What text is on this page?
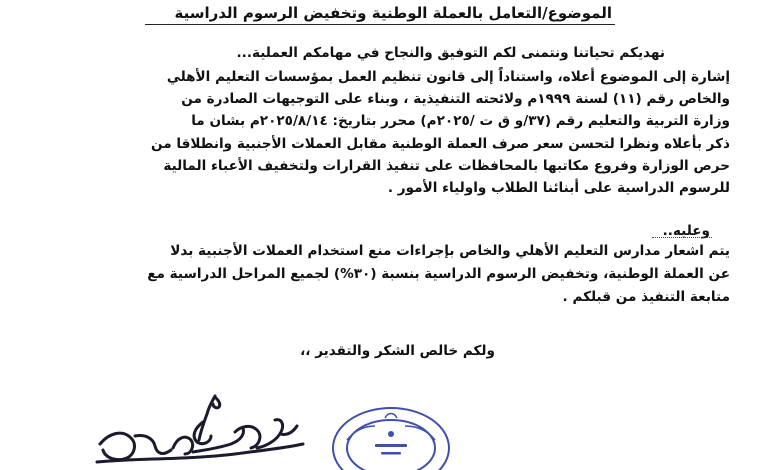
الموضوع/التعامل بالعملة الوطنية وتخفيض الرسوم الدراسية
نهديكم تحياتنا ونتمنى لكم التوفيق والنجاح في مهامكم العملية...
إشارة إلى الموضوع أعلاه، واستناداً إلى قانون تنظيم العمل بمؤسسات التعليم الأهلي
والخاص رقم (١١) لسنة ١٩٩٩م ولائحته التنفيذية ، وبناء على التوجيهات الصادرة من
وزارة التربية والتعليم رقم (٣٧/و ق ت /٢٠٢٥م) محرر بتاريخ: ٢٠٢٥/٨/١٤م بشان ما
ذكر بأعلاه ونظرا لتحسن سعر صرف العملة الوطنية مقابل العملات الأجنبية وانطلاقا من
حرص الوزارة وفروع مكاتبها بالمحافظات على تنفيذ القرارات ولتخفيف الأعباء المالية
للرسوم الدراسية على أبنائنا الطلاب واولياء الأمور .
وعليه..
يتم اشعار مدارس التعليم الأهلي والخاص بإجراءات منع استخدام العملات الأجنبية بدلا
عن العملة الوطنية، وتخفيض الرسوم الدراسية بنسبة (٣٠%) لجميع المراحل الدراسية مع
متابعة التنفيذ من قبلكم .
ولكم خالص الشكر والتقدير ،،
